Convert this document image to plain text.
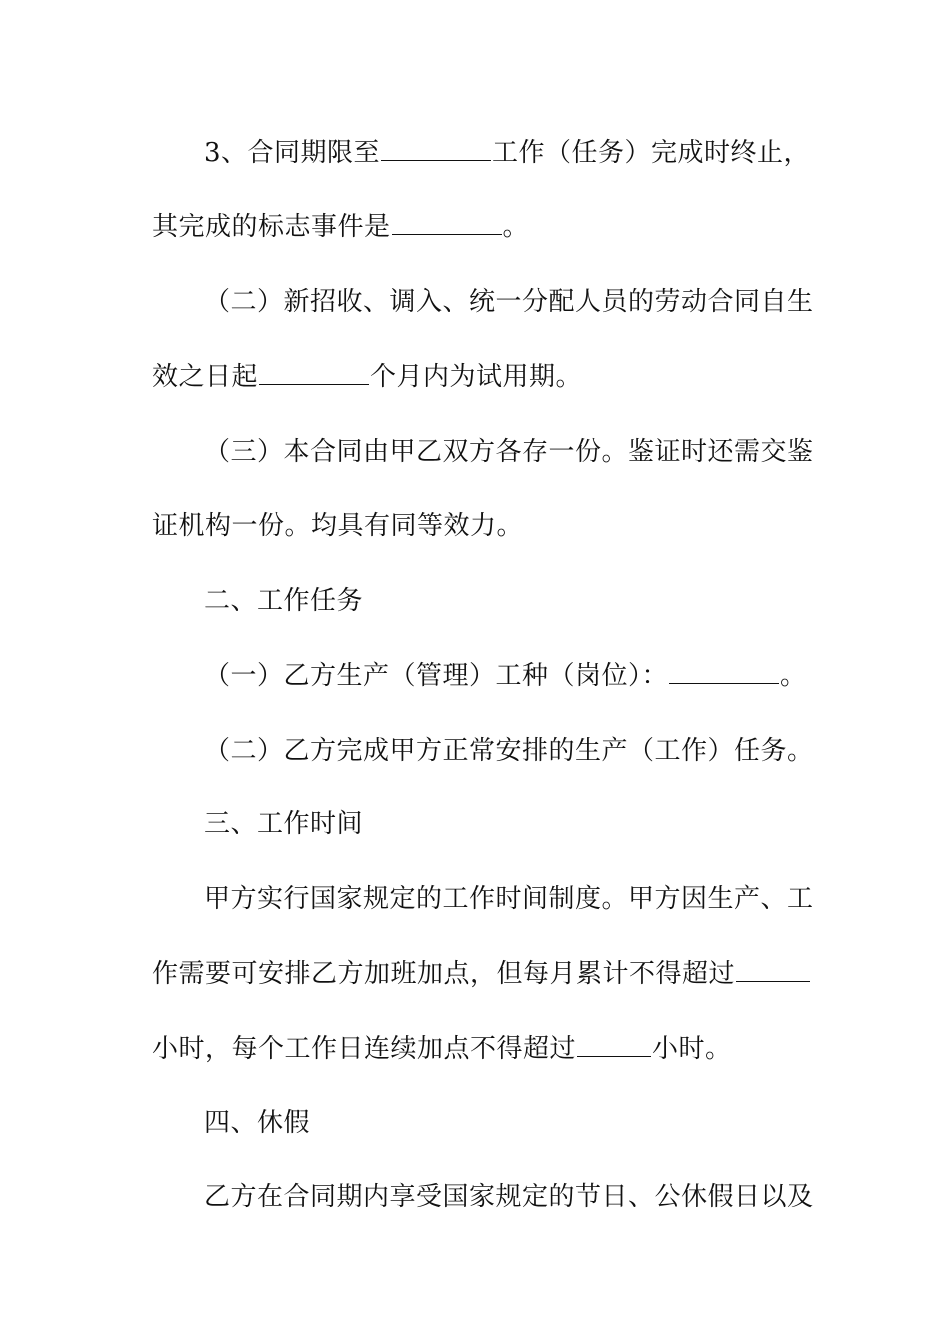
3、合同期限至	工作（任务）完成时终止，
其完成的标志事件是	。
（二）新招收、调入、统一分配人员的劳动合同自生
效之日起	个月内为试用期。
（三）本合同由甲乙双方各存一份。鉴证时还需交鉴
证机构一份。均具有同等效力。
二、工作任务
（一）乙方生产（管理）工种（岗位）：	。
（二）乙方完成甲方正常安排的生产（工作）任务。
三、工作时间
甲方实行国家规定的工作时间制度。甲方因生产、工
作需要可安排乙方加班加点，但每月累计不得超过
小时，每个工作日连续加点不得超过	小时。
四、休假
乙方在合同期内享受国家规定的节日、公休假日以及
